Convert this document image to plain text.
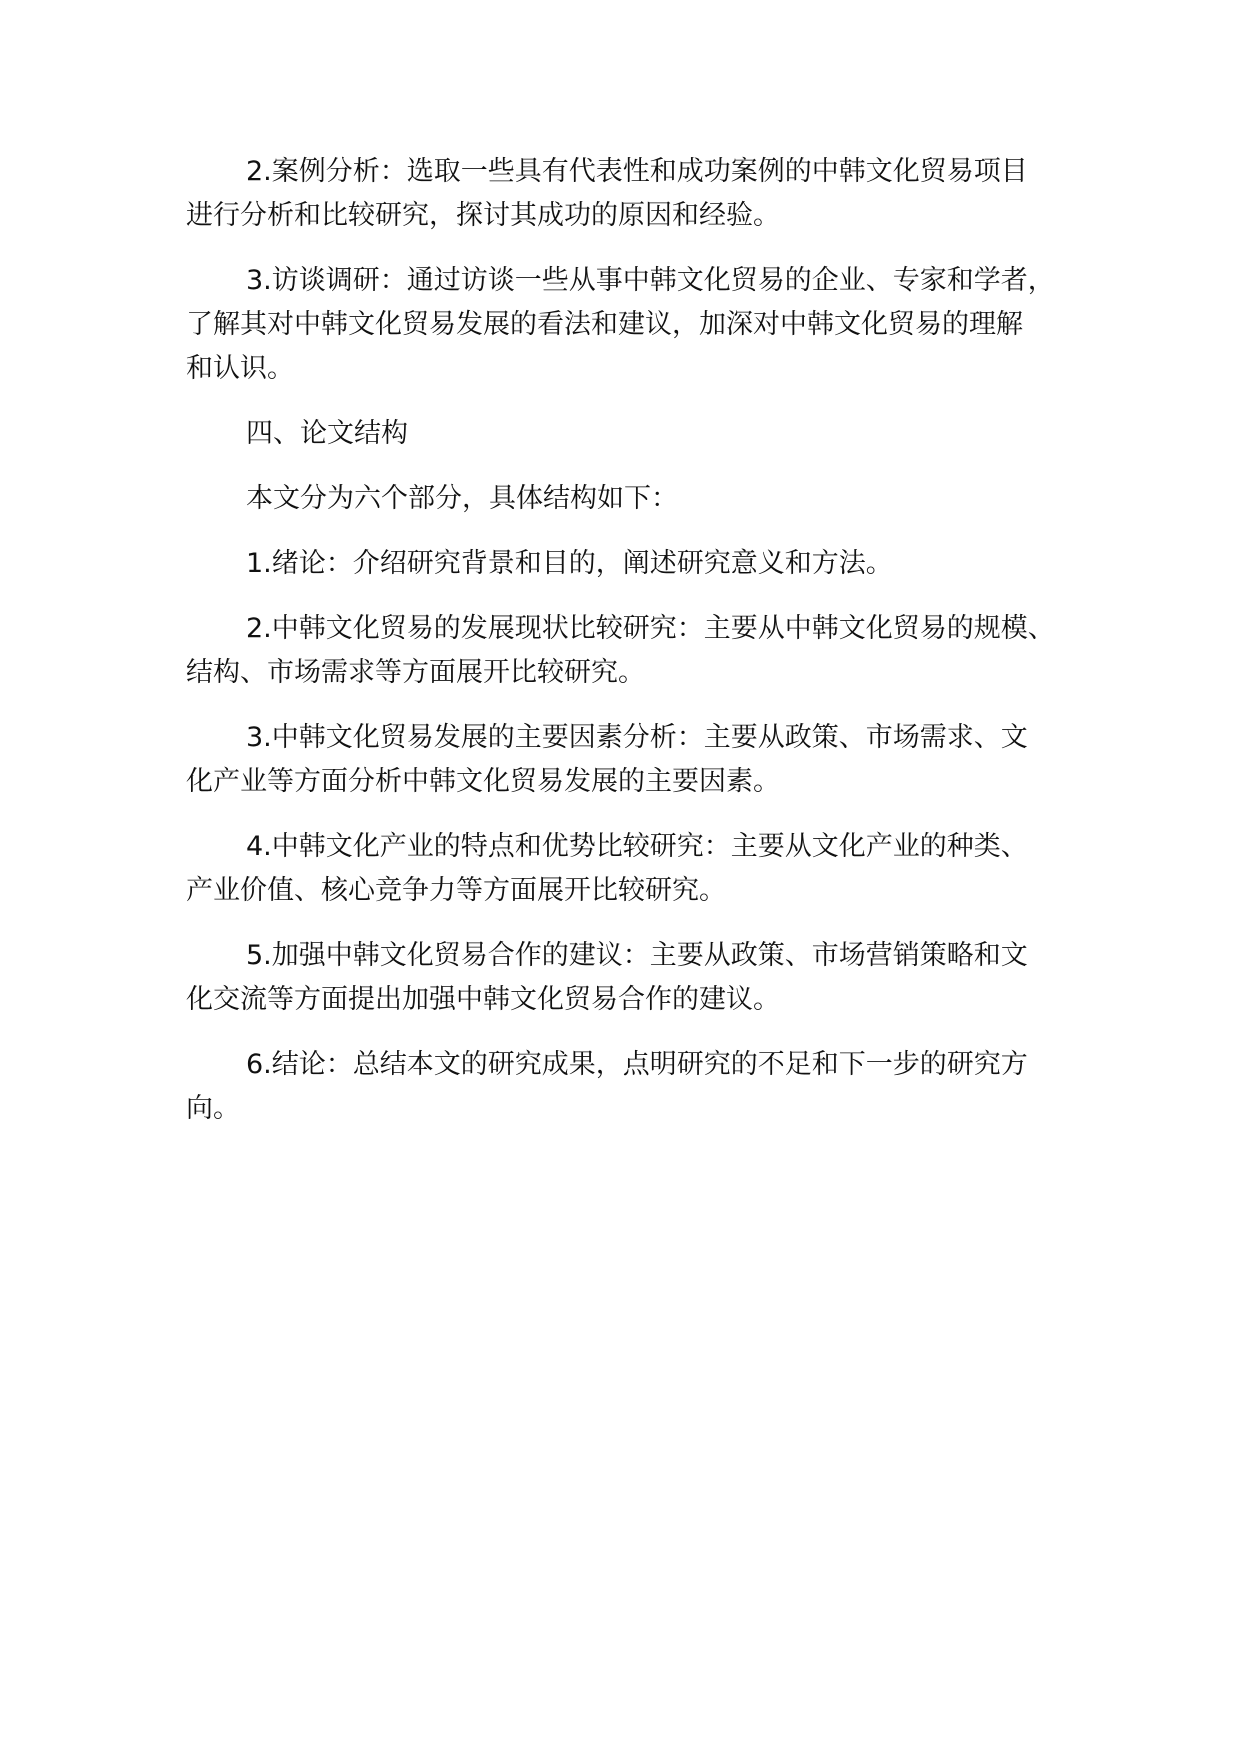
2.案例分析：选取一些具有代表性和成功案例的中韩文化贸易项目
进行分析和比较研究，探讨其成功的原因和经验。
3.访谈调研：通过访谈一些从事中韩文化贸易的企业、专家和学者，
了解其对中韩文化贸易发展的看法和建议，加深对中韩文化贸易的理解
和认识。
四、论文结构
本文分为六个部分，具体结构如下：
1.绪论：介绍研究背景和目的，阐述研究意义和方法。
2.中韩文化贸易的发展现状比较研究：主要从中韩文化贸易的规模、
结构、市场需求等方面展开比较研究。
3.中韩文化贸易发展的主要因素分析：主要从政策、市场需求、文
化产业等方面分析中韩文化贸易发展的主要因素。
4.中韩文化产业的特点和优势比较研究：主要从文化产业的种类、
产业价值、核心竞争力等方面展开比较研究。
5.加强中韩文化贸易合作的建议：主要从政策、市场营销策略和文
化交流等方面提出加强中韩文化贸易合作的建议。
6.结论：总结本文的研究成果，点明研究的不足和下一步的研究方
向。
